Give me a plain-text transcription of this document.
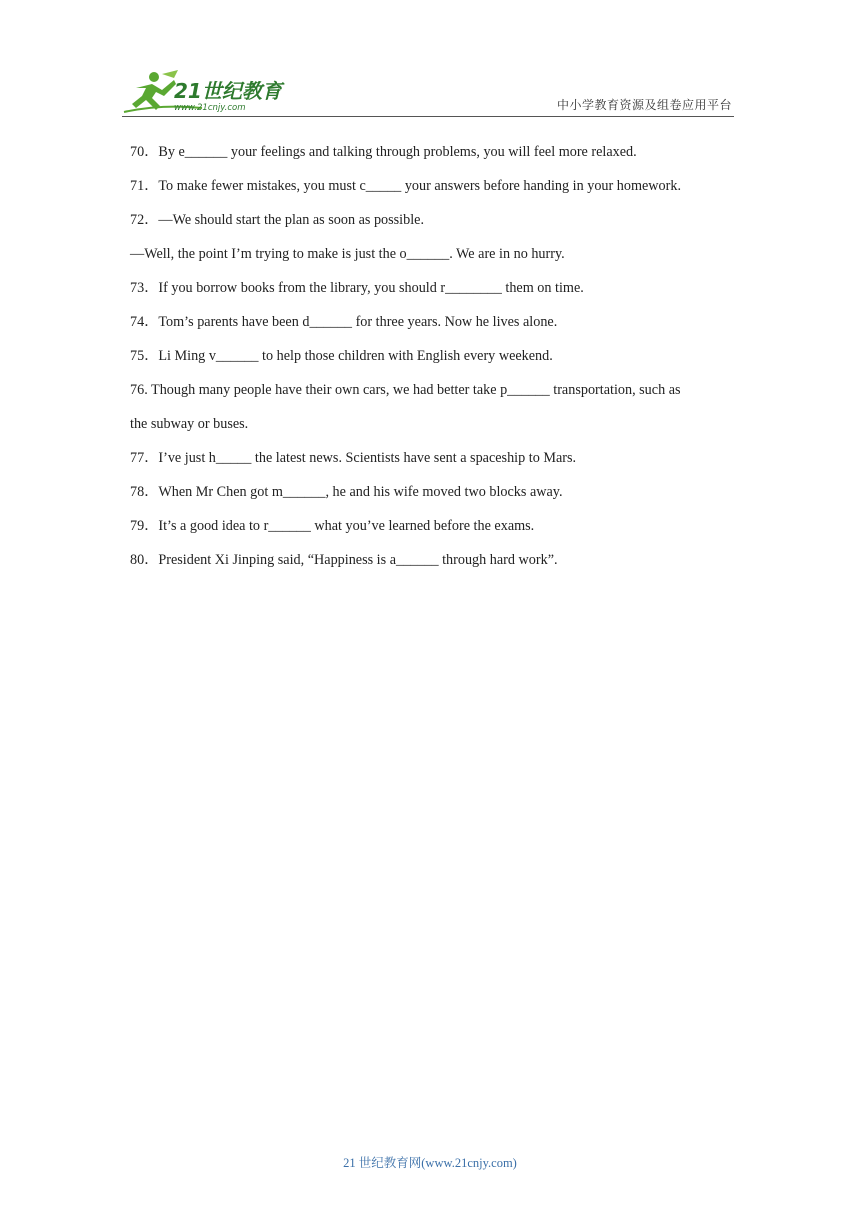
21世纪教育
www.21cnjy.com	中小学教育资源及组卷应用平台
70．By e______ your feelings and talking through problems, you will feel more relaxed.
71．To make fewer mistakes, you must c_____ your answers before handing in your homework.
72．—We should start the plan as soon as possible.
—Well, the point I’m trying to make is just the o______. We are in no hurry.
73．If you borrow books from the library, you should r________ them on time.
74．Tom’s parents have been d______ for three years. Now he lives alone.
75．Li Ming v______ to help those children with English every weekend.
76. Though many people have their own cars, we had better take p______ transportation, such as
the subway or buses.
77．I’ve just h_____ the latest news. Scientists have sent a spaceship to Mars.
78．When Mr Chen got m______, he and his wife moved two blocks away.
79．It’s a good idea to r______ what you’ve learned before the exams.
80．President Xi Jinping said, “Happiness is a______ through hard work”.
21 世纪教育网(www.21cnjy.com)
